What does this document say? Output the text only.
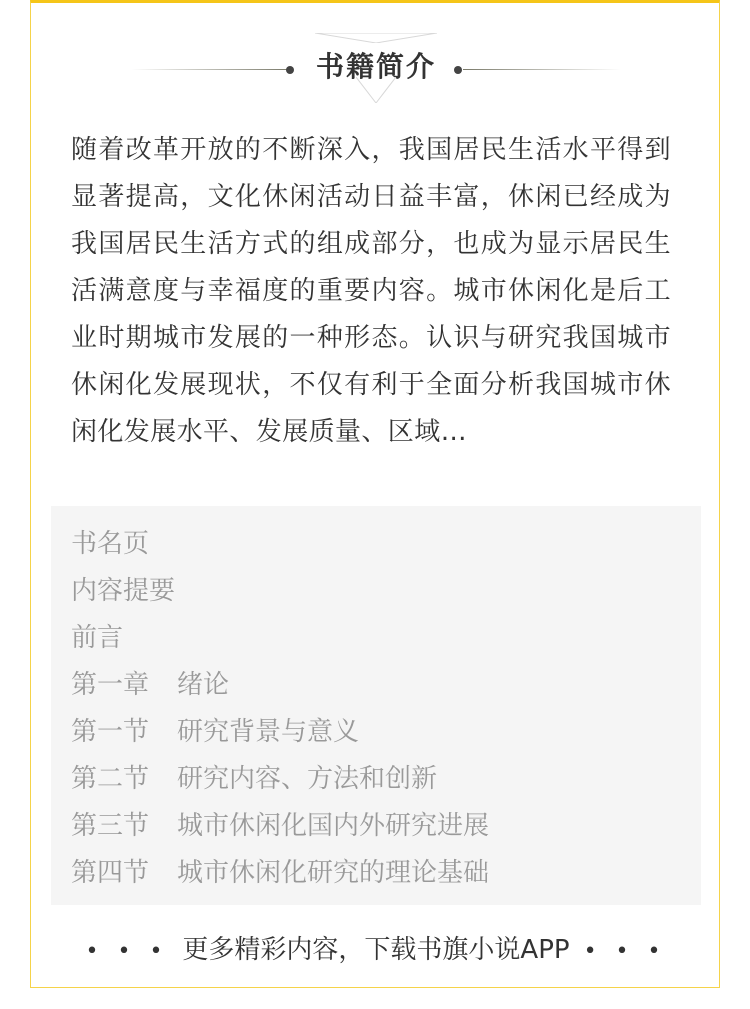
书籍简介
随着改革开放的不断深入，我国居民生活水平得到显著提高，文化休闲活动日益丰富，休闲已经成为我国居民生活方式的组成部分，也成为显示居民生活满意度与幸福度的重要内容。城市休闲化是后工业时期城市发展的一种形态。认识与研究我国城市休闲化发展现状，不仅有利于全面分析我国城市休闲化发展水平、发展质量、区域…
书名页
内容提要
前言
第一章 绪论
第一节 研究背景与意义
第二节 研究内容、方法和创新
第三节 城市休闲化国内外研究进展
第四节 城市休闲化研究的理论基础
• • • 更多精彩内容，下载书旗小说APP • • •
